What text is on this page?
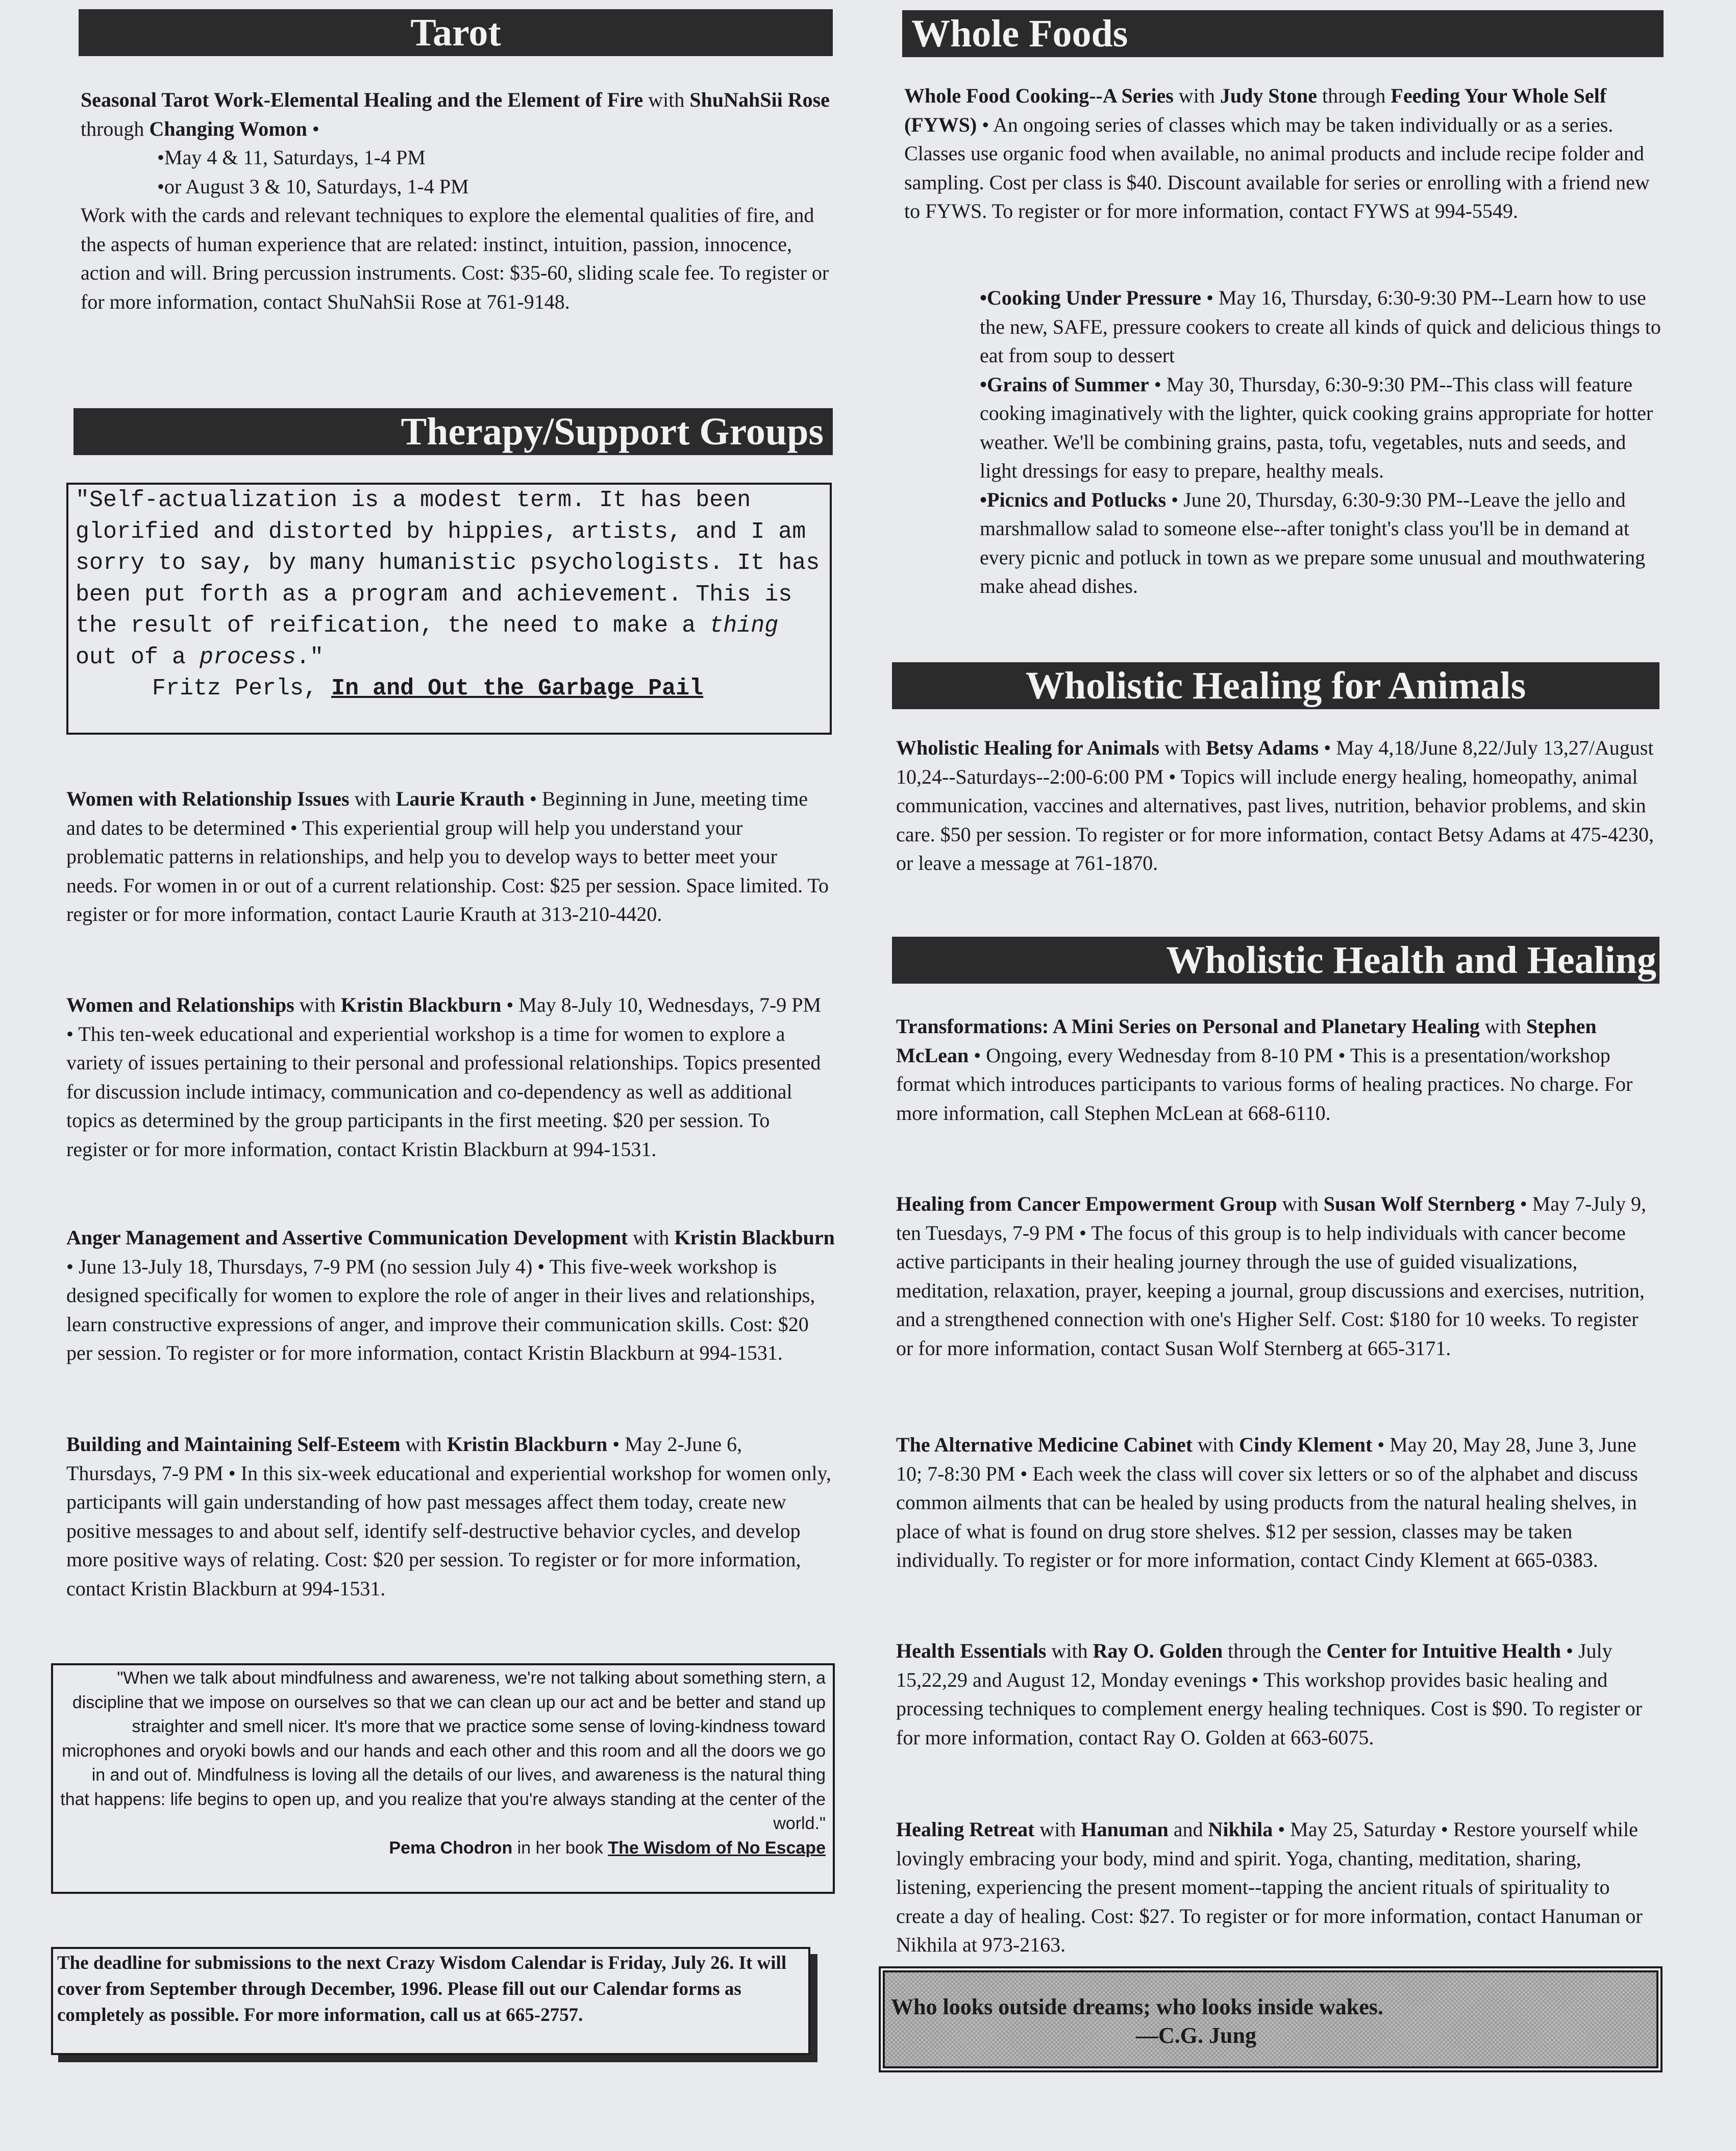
Tarot
Seasonal Tarot Work-Elemental Healing and the Element of Fire with ShuNahSii Rose through Changing Womon •
•May 4 & 11, Saturdays, 1-4 PM
•or August 3 & 10, Saturdays, 1-4 PM
Work with the cards and relevant techniques to explore the elemental qualities of fire, and the aspects of human experience that are related: instinct, intuition, passion, innocence, action and will. Bring percussion instruments. Cost: $35-60, sliding scale fee. To register or for more information, contact ShuNahSii Rose at 761-9148.
Therapy/Support Groups
"Self-actualization is a modest term. It has been glorified and distorted by hippies, artists, and I am sorry to say, by many humanistic psychologists. It has been put forth as a program and achievement. This is the result of reification, the need to make a thing out of a process."
Fritz Perls, In and Out the Garbage Pail
Women with Relationship Issues with Laurie Krauth • Beginning in June, meeting time and dates to be determined • This experiential group will help you understand your problematic patterns in relationships, and help you to develop ways to better meet your needs. For women in or out of a current relationship. Cost: $25 per session. Space limited. To register or for more information, contact Laurie Krauth at 313-210-4420.
Women and Relationships with Kristin Blackburn • May 8-July 10, Wednesdays, 7-9 PM • This ten-week educational and experiential workshop is a time for women to explore a variety of issues pertaining to their personal and professional relationships. Topics presented for discussion include intimacy, communication and co-dependency as well as additional topics as determined by the group participants in the first meeting. $20 per session. To register or for more information, contact Kristin Blackburn at 994-1531.
Anger Management and Assertive Communication Development with Kristin Blackburn • June 13-July 18, Thursdays, 7-9 PM (no session July 4) • This five-week workshop is designed specifically for women to explore the role of anger in their lives and relationships, learn constructive expressions of anger, and improve their communication skills. Cost: $20 per session. To register or for more information, contact Kristin Blackburn at 994-1531.
Building and Maintaining Self-Esteem with Kristin Blackburn • May 2-June 6, Thursdays, 7-9 PM • In this six-week educational and experiential workshop for women only, participants will gain understanding of how past messages affect them today, create new positive messages to and about self, identify self-destructive behavior cycles, and develop more positive ways of relating. Cost: $20 per session. To register or for more information, contact Kristin Blackburn at 994-1531.
"When we talk about mindfulness and awareness, we're not talking about something stern, a discipline that we impose on ourselves so that we can clean up our act and be better and stand up straighter and smell nicer. It's more that we practice some sense of loving-kindness toward microphones and oryoki bowls and our hands and each other and this room and all the doors we go in and out of. Mindfulness is loving all the details of our lives, and awareness is the natural thing that happens: life begins to open up, and you realize that you're always standing at the center of the world."
Pema Chodron in her book The Wisdom of No Escape
The deadline for submissions to the next Crazy Wisdom Calendar is Friday, July 26. It will cover from September through December, 1996. Please fill out our Calendar forms as completely as possible. For more information, call us at 665-2757.
Whole Foods
Whole Food Cooking--A Series with Judy Stone through Feeding Your Whole Self (FYWS) • An ongoing series of classes which may be taken individually or as a series. Classes use organic food when available, no animal products and include recipe folder and sampling. Cost per class is $40. Discount available for series or enrolling with a friend new to FYWS. To register or for more information, contact FYWS at 994-5549.
•Cooking Under Pressure • May 16, Thursday, 6:30-9:30 PM--Learn how to use the new, SAFE, pressure cookers to create all kinds of quick and delicious things to eat from soup to dessert
•Grains of Summer • May 30, Thursday, 6:30-9:30 PM--This class will feature cooking imaginatively with the lighter, quick cooking grains appropriate for hotter weather. We'll be combining grains, pasta, tofu, vegetables, nuts and seeds, and light dressings for easy to prepare, healthy meals.
•Picnics and Potlucks • June 20, Thursday, 6:30-9:30 PM--Leave the jello and marshmallow salad to someone else--after tonight's class you'll be in demand at every picnic and potluck in town as we prepare some unusual and mouthwatering make ahead dishes.
Wholistic Healing for Animals
Wholistic Healing for Animals with Betsy Adams • May 4,18/June 8,22/July 13,27/August 10,24--Saturdays--2:00-6:00 PM • Topics will include energy healing, homeopathy, animal communication, vaccines and alternatives, past lives, nutrition, behavior problems, and skin care. $50 per session. To register or for more information, contact Betsy Adams at 475-4230, or leave a message at 761-1870.
Wholistic Health and Healing
Transformations: A Mini Series on Personal and Planetary Healing with Stephen McLean • Ongoing, every Wednesday from 8-10 PM • This is a presentation/workshop format which introduces participants to various forms of healing practices. No charge. For more information, call Stephen McLean at 668-6110.
Healing from Cancer Empowerment Group with Susan Wolf Sternberg • May 7-July 9, ten Tuesdays, 7-9 PM • The focus of this group is to help individuals with cancer become active participants in their healing journey through the use of guided visualizations, meditation, relaxation, prayer, keeping a journal, group discussions and exercises, nutrition, and a strengthened connection with one's Higher Self. Cost: $180 for 10 weeks. To register or for more information, contact Susan Wolf Sternberg at 665-3171.
The Alternative Medicine Cabinet with Cindy Klement • May 20, May 28, June 3, June 10; 7-8:30 PM • Each week the class will cover six letters or so of the alphabet and discuss common ailments that can be healed by using products from the natural healing shelves, in place of what is found on drug store shelves. $12 per session, classes may be taken individually. To register or for more information, contact Cindy Klement at 665-0383.
Health Essentials with Ray O. Golden through the Center for Intuitive Health • July 15,22,29 and August 12, Monday evenings • This workshop provides basic healing and processing techniques to complement energy healing techniques. Cost is $90. To register or for more information, contact Ray O. Golden at 663-6075.
Healing Retreat with Hanuman and Nikhila • May 25, Saturday • Restore yourself while lovingly embracing your body, mind and spirit. Yoga, chanting, meditation, sharing, listening, experiencing the present moment--tapping the ancient rituals of spirituality to create a day of healing. Cost: $27. To register or for more information, contact Hanuman or Nikhila at 973-2163.
Who looks outside dreams; who looks inside wakes.
—C.G. Jung
